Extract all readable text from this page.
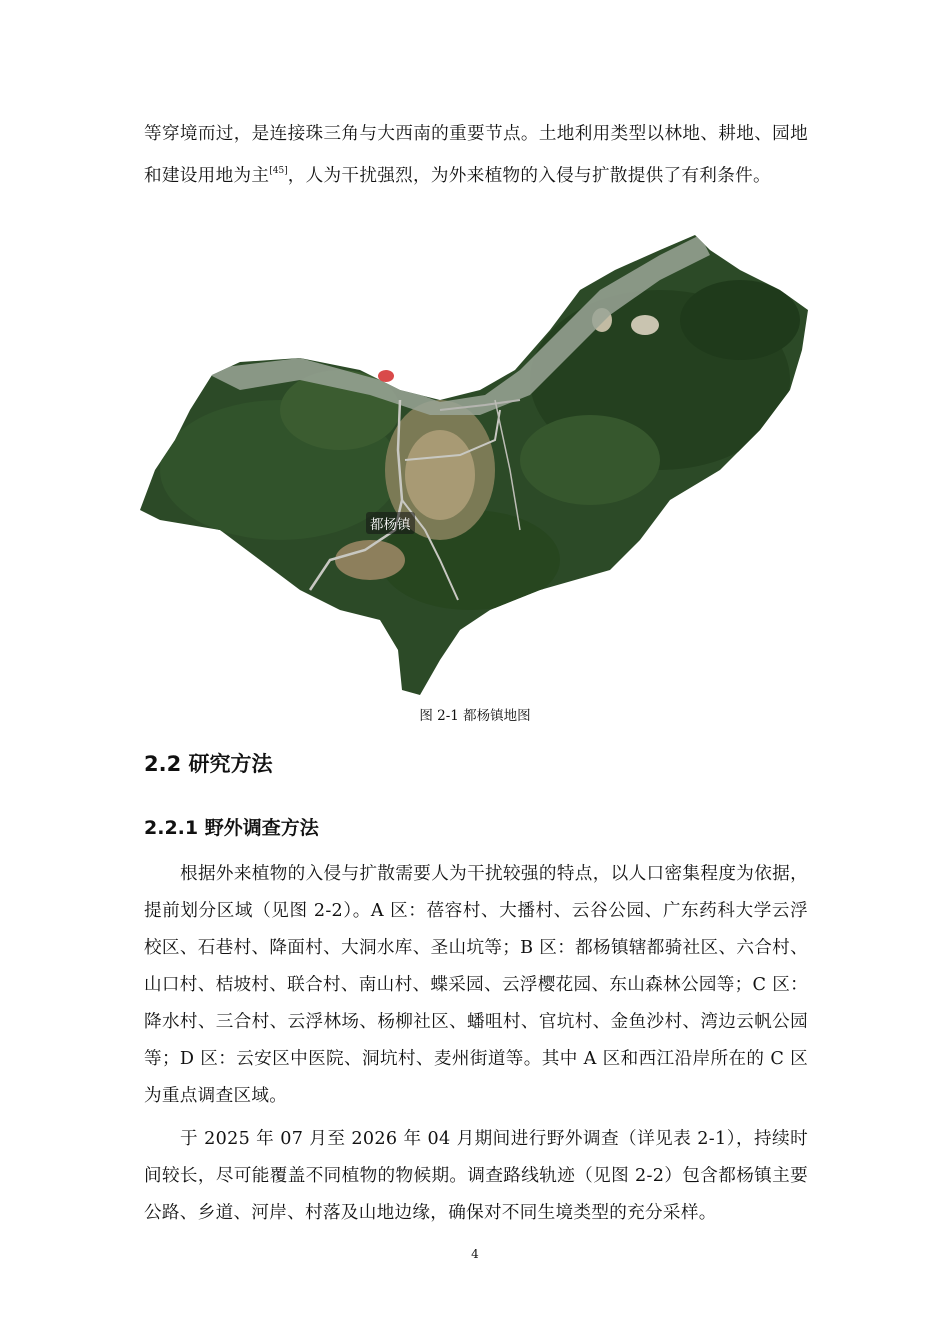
等穿境而过，是连接珠三角与大西南的重要节点。土地利用类型以林地、耕地、园地和建设用地为主[45]，人为干扰强烈，为外来植物的入侵与扩散提供了有利条件。
都杨镇
图 2-1 都杨镇地图
2.2 研究方法
2.2.1 野外调查方法
根据外来植物的入侵与扩散需要人为干扰较强的特点，以人口密集程度为依据，提前划分区域（见图 2-2）。A 区：蓓容村、大播村、云谷公园、广东药科大学云浮校区、石巷村、降面村、大洞水库、圣山坑等；B 区：都杨镇辖都骑社区、六合村、山口村、桔坡村、联合村、南山村、蝶采园、云浮樱花园、东山森林公园等；C 区：降水村、三合村、云浮林场、杨柳社区、蟠咀村、官坑村、金鱼沙村、湾边云帆公园等；D 区：云安区中医院、洞坑村、麦州街道等。其中 A 区和西江沿岸所在的 C 区为重点调查区域。
于 2025 年 07 月至 2026 年 04 月期间进行野外调查（详见表 2-1），持续时间较长，尽可能覆盖不同植物的物候期。调查路线轨迹（见图 2-2）包含都杨镇主要公路、乡道、河岸、村落及山地边缘，确保对不同生境类型的充分采样。
4
